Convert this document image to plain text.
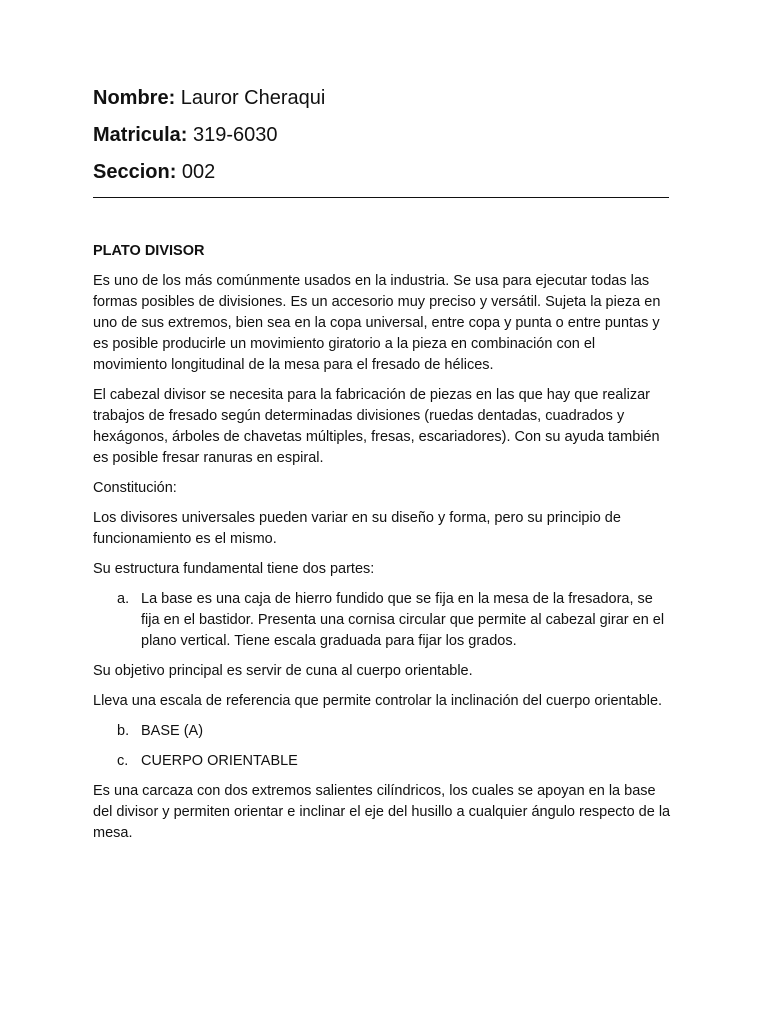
Nombre: Lauror Cheraqui
Matricula: 319-6030
Seccion: 002
PLATO DIVISOR

Es uno de los más comúnmente usados en la industria. Se usa para ejecutar todas las formas posibles de divisiones. Es un accesorio muy preciso y versátil. Sujeta la pieza en uno de sus extremos, bien sea en la copa universal, entre copa y punta o entre puntas y es posible producirle un movimiento giratorio a la pieza en combinación con el movimiento longitudinal de la mesa para el fresado de hélices.

El cabezal divisor se necesita para la fabricación de piezas en las que hay que realizar trabajos de fresado según determinadas divisiones (ruedas dentadas, cuadrados y hexágonos, árboles de chavetas múltiples, fresas, escariadores). Con su ayuda también es posible fresar ranuras en espiral.

Constitución:

Los divisores universales pueden variar en su diseño y forma, pero su principio de funcionamiento es el mismo.

Su estructura fundamental tiene dos partes:

a. La base es una caja de hierro fundido que se fija en la mesa de la fresadora, se fija en el bastidor. Presenta una cornisa circular que permite al cabezal girar en el plano vertical. Tiene escala graduada para fijar los grados.

Su objetivo principal es servir de cuna al cuerpo orientable.

Lleva una escala de referencia que permite controlar la inclinación del cuerpo orientable.

b. BASE (A)
c. CUERPO ORIENTABLE

Es una carcaza con dos extremos salientes cilíndricos, los cuales se apoyan en la base del divisor y permiten orientar e inclinar el eje del husillo a cualquier ángulo respecto de la mesa.
